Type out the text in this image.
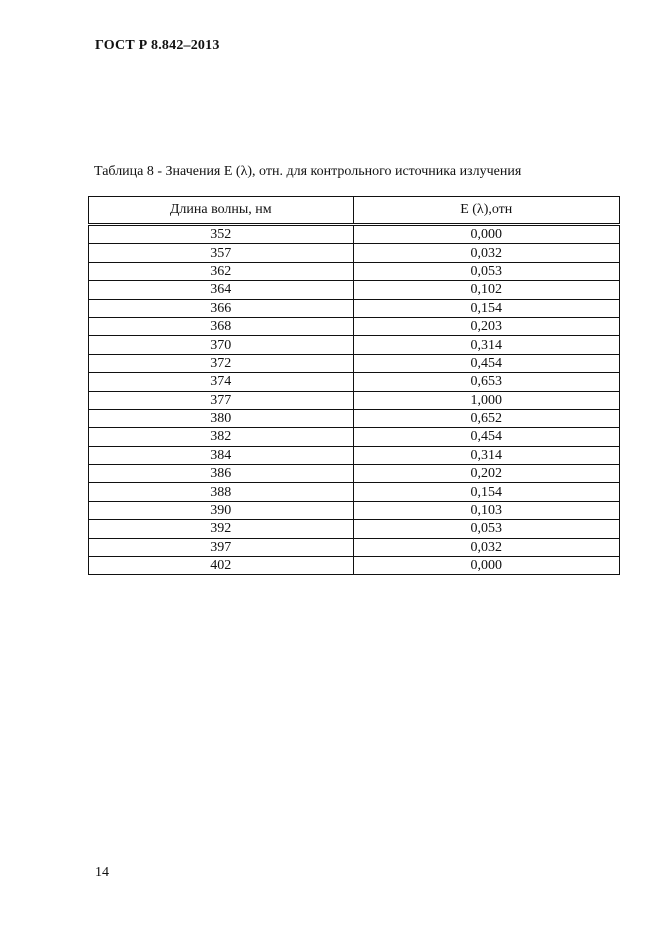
ГОСТ Р 8.842–2013
Таблица 8 - Значения E (λ), отн. для контрольного источника излучения
Длина волны, нм	E (λ),отн
352	0,000
357	0,032
362	0,053
364	0,102
366	0,154
368	0,203
370	0,314
372	0,454
374	0,653
377	1,000
380	0,652
382	0,454
384	0,314
386	0,202
388	0,154
390	0,103
392	0,053
397	0,032
402	0,000
14
